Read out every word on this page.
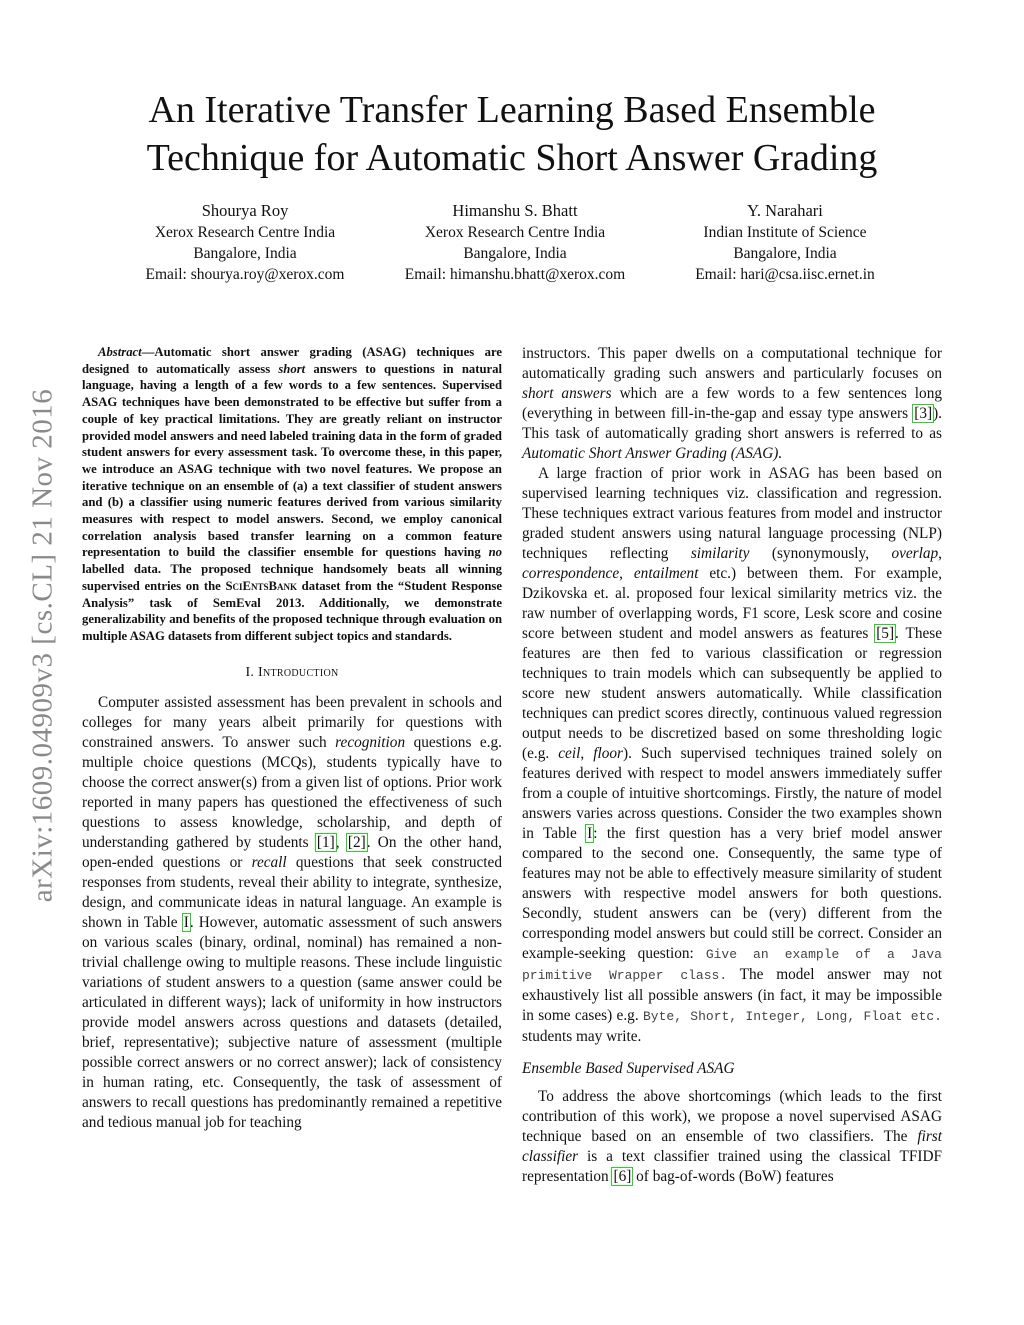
arXiv:1609.04909v3 [cs.CL] 21 Nov 2016
An Iterative Transfer Learning Based Ensemble
Technique for Automatic Short Answer Grading
Shourya Roy
Xerox Research Centre India
Bangalore, India
Email: shourya.roy@xerox.com
Himanshu S. Bhatt
Xerox Research Centre India
Bangalore, India
Email: himanshu.bhatt@xerox.com
Y. Narahari
Indian Institute of Science
Bangalore, India
Email: hari@csa.iisc.ernet.in

Abstract—Automatic short answer grading (ASAG) techniques are designed to automatically assess short answers to questions in natural language, having a length of a few words to a few sentences. Supervised ASAG techniques have been demonstrated to be effective but suffer from a couple of key practical limitations. They are greatly reliant on instructor provided model answers and need labeled training data in the form of graded student answers for every assessment task. To overcome these, in this paper, we introduce an ASAG technique with two novel features. We propose an iterative technique on an ensemble of (a) a text classifier of student answers and (b) a classifier using numeric features derived from various similarity measures with respect to model answers. Second, we employ canonical correlation analysis based transfer learning on a common feature representation to build the classifier ensemble for questions having no labelled data. The proposed technique handsomely beats all winning supervised entries on the SciEntsBank dataset from the “Student Response Analysis” task of SemEval 2013. Additionally, we demonstrate generalizability and benefits of the proposed technique through evaluation on multiple ASAG datasets from different subject topics and standards.

I. Introduction

Computer assisted assessment has been prevalent in schools and colleges for many years albeit primarily for questions with constrained answers. To answer such recognition questions e.g. multiple choice questions (MCQs), students typically have to choose the correct answer(s) from a given list of options. Prior work reported in many papers has questioned the effectiveness of such questions to assess knowledge, scholarship, and depth of understanding gathered by students [1], [2]. On the other hand, open-ended questions or recall questions that seek constructed responses from students, reveal their ability to integrate, synthesize, design, and communicate ideas in natural language. An example is shown in Table I. However, automatic assessment of such answers on various scales (binary, ordinal, nominal) has remained a non-trivial challenge owing to multiple reasons. These include linguistic variations of student answers to a question (same answer could be articulated in different ways); lack of uniformity in how instructors provide model answers across questions and datasets (detailed, brief, representative); subjective nature of assessment (multiple possible correct answers or no correct answer); lack of consistency in human rating, etc. Consequently, the task of assessment of answers to recall questions has predominantly remained a repetitive and tedious manual job for teaching

instructors. This paper dwells on a computational technique for automatically grading such answers and particularly focuses on short answers which are a few words to a few sentences long (everything in between fill-in-the-gap and essay type answers [3]). This task of automatically grading short answers is referred to as Automatic Short Answer Grading (ASAG).

A large fraction of prior work in ASAG has been based on supervised learning techniques viz. classification and regression. These techniques extract various features from model and instructor graded student answers using natural language processing (NLP) techniques reflecting similarity (synonymously, overlap, correspondence, entailment etc.) between them. For example, Dzikovska et. al. proposed four lexical similarity metrics viz. the raw number of overlapping words, F1 score, Lesk score and cosine score between student and model answers as features [5]. These features are then fed to various classification or regression techniques to train models which can subsequently be applied to score new student answers automatically. While classification techniques can predict scores directly, continuous valued regression output needs to be discretized based on some thresholding logic (e.g. ceil, floor). Such supervised techniques trained solely on features derived with respect to model answers immediately suffer from a couple of intuitive shortcomings. Firstly, the nature of model answers varies across questions. Consider the two examples shown in Table I: the first question has a very brief model answer compared to the second one. Consequently, the same type of features may not be able to effectively measure similarity of student answers with respective model answers for both questions. Secondly, student answers can be (very) different from the corresponding model answers but could still be correct. Consider an example-seeking question: Give an example of a Java primitive Wrapper class. The model answer may not exhaustively list all possible answers (in fact, it may be impossible in some cases) e.g. Byte, Short, Integer, Long, Float etc. students may write.

Ensemble Based Supervised ASAG

To address the above shortcomings (which leads to the first contribution of this work), we propose a novel supervised ASAG technique based on an ensemble of two classifiers. The first classifier is a text classifier trained using the classical TFIDF representation [6] of bag-of-words (BoW) features
